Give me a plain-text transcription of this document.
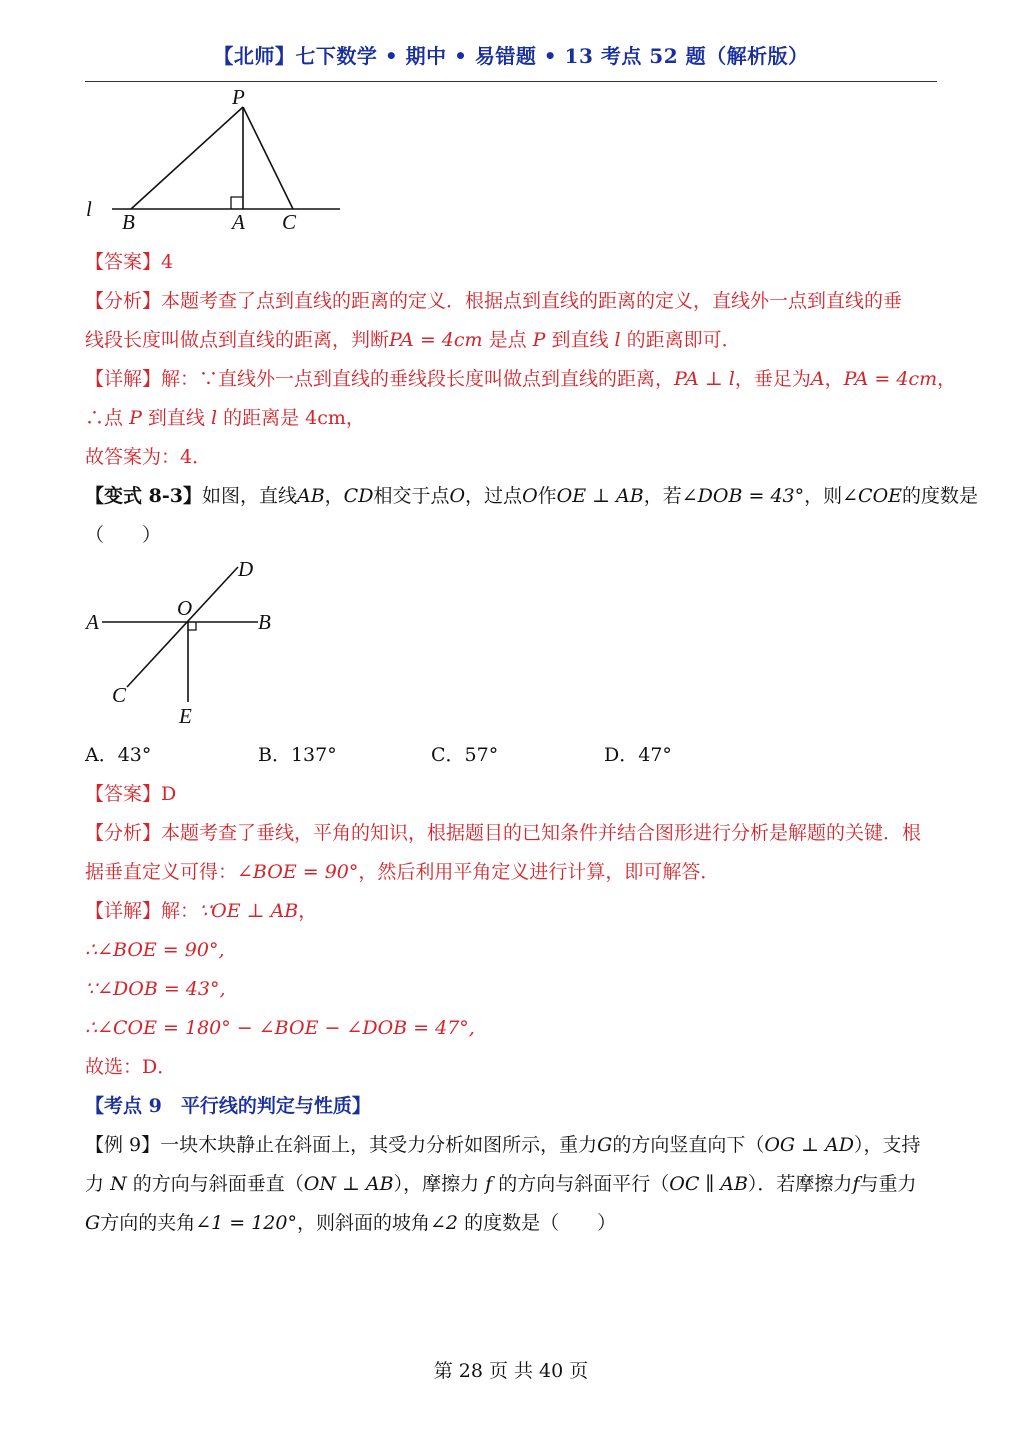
【北师】七下数学 • 期中 • 易错题 • 13 考点 52 题（解析版）
P
l
B	A C
【答案】4
【分析】本题考查了点到直线的距离的定义．根据点到直线的距离的定义，直线外一点到直线的垂
线段长度叫做点到直线的距离，判断PA = 4cm 是点 P 到直线 l 的距离即可．
【详解】解：∵直线外一点到直线的垂线段长度叫做点到直线的距离，PA ⊥ l，垂足为A，PA = 4cm，
∴点 P 到直线 l 的距离是 4cm，
故答案为：4．
【变式 8-3】如图，直线AB，CD相交于点O，过点O作OE ⊥ AB，若∠DOB = 43°，则∠COE的度数是
（　　）
D
A
O
B
C
E
A．43°	B．137°	C．57°	D．47°
【答案】D
【分析】本题考查了垂线，平角的知识，根据题目的已知条件并结合图形进行分析是解题的关键．根
据垂直定义可得：∠BOE = 90°，然后利用平角定义进行计算，即可解答．
【详解】解：∵OE ⊥ AB，
∴∠BOE = 90°,
∵∠DOB = 43°,
∴∠COE = 180° − ∠BOE − ∠DOB = 47°,
故选：D．
【考点 9　平行线的判定与性质】
【例 9】一块木块静止在斜面上，其受力分析如图所示，重力G的方向竖直向下（OG ⊥ AD），支持
力 N 的方向与斜面垂直（ON ⊥ AB），摩擦力 f 的方向与斜面平行（OC ∥ AB）．若摩擦力f与重力
G方向的夹角∠1 = 120°，则斜面的坡角∠2 的度数是（　　）
第 28 页 共 40 页
